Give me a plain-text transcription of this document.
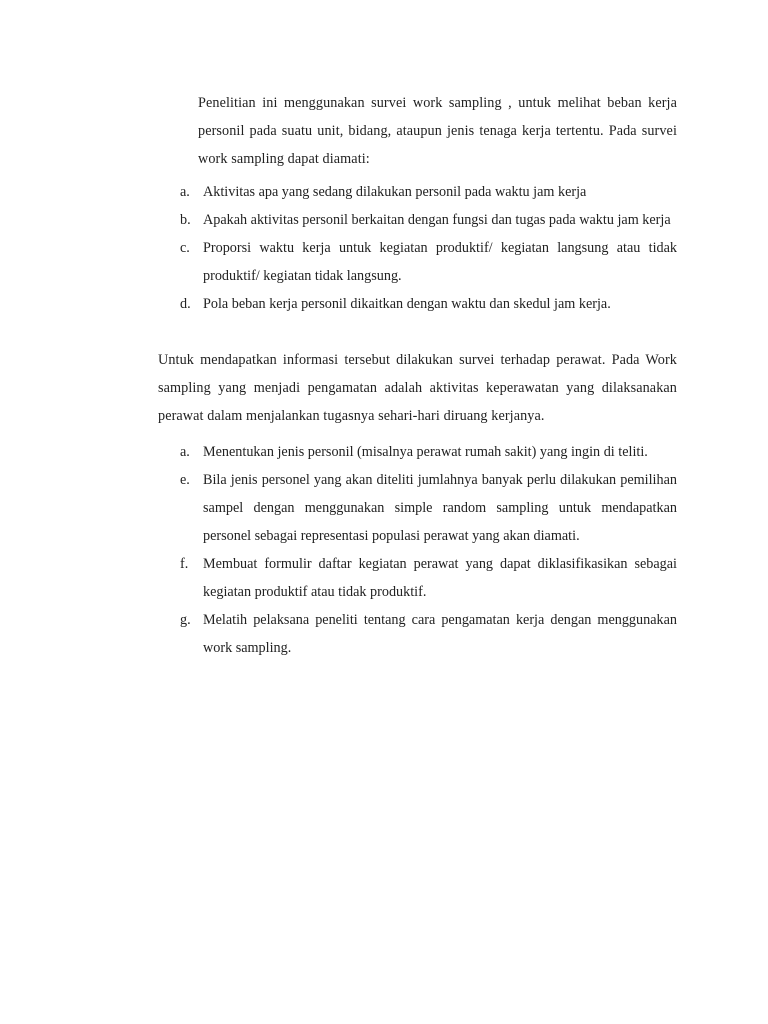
Penelitian ini menggunakan survei work sampling , untuk melihat beban kerja personil pada suatu unit, bidang, ataupun jenis tenaga kerja tertentu. Pada survei work sampling dapat diamati:

a. Aktivitas apa yang sedang dilakukan personil pada waktu jam kerja
b. Apakah aktivitas personil berkaitan dengan fungsi dan tugas pada waktu jam kerja
c. Proporsi waktu kerja untuk kegiatan produktif/ kegiatan langsung atau tidak produktif/ kegiatan tidak langsung.
d. Pola beban kerja personil dikaitkan dengan waktu dan skedul jam kerja.

Untuk mendapatkan informasi tersebut dilakukan survei terhadap perawat. Pada Work sampling yang menjadi pengamatan adalah aktivitas keperawatan yang dilaksanakan perawat dalam menjalankan tugasnya sehari-hari diruang kerjanya.

a. Menentukan jenis personil (misalnya perawat rumah sakit) yang ingin di teliti.
e. Bila jenis personel yang akan diteliti jumlahnya banyak perlu dilakukan pemilihan sampel dengan menggunakan simple random sampling untuk mendapatkan personel sebagai representasi populasi perawat yang akan diamati.
f.	Membuat formulir daftar kegiatan perawat yang dapat diklasifikasikan sebagai kegiatan produktif atau tidak produktif.
g. Melatih pelaksana peneliti tentang cara pengamatan kerja dengan menggunakan work sampling.
